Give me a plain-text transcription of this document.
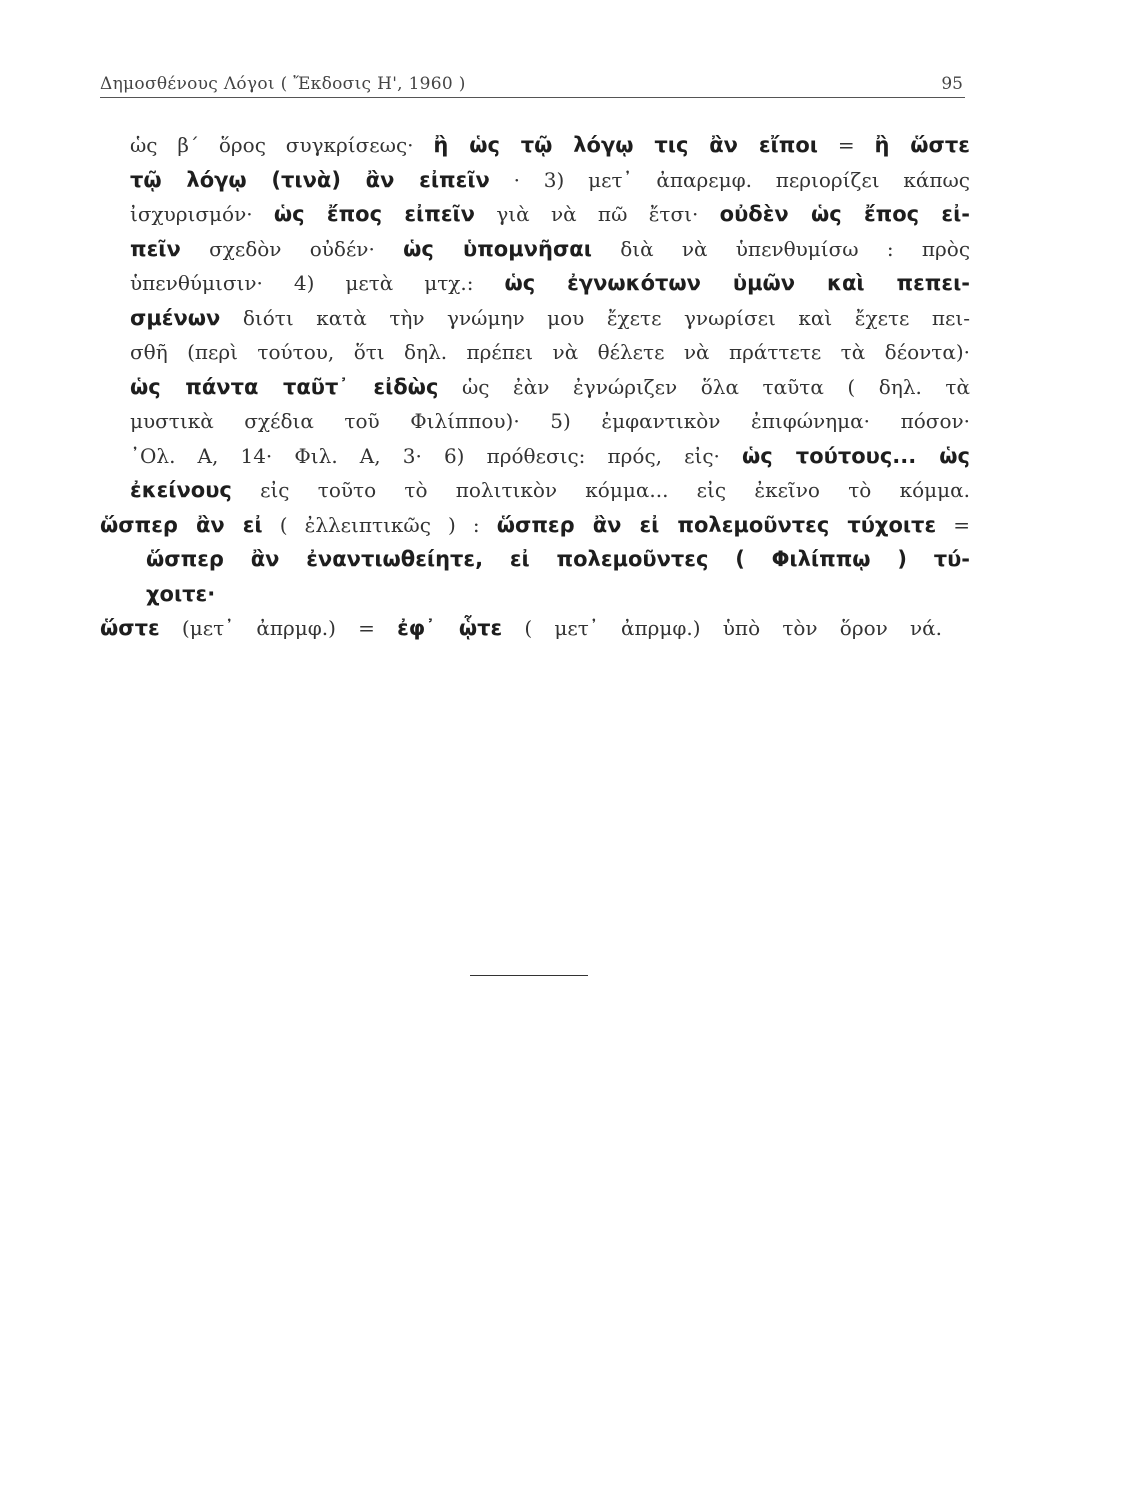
Δημοσθένους Λόγοι ( Ἔκδοσις Η', 1960 )	95
ὡς β΄ ὅρος συγκρίσεως· ἢ ὡς τῷ λόγῳ τις ἂν εἴποι = ἢ ὥστε
τῷ λόγῳ (τινὰ) ἂν εἰπεῖν · 3) μετ᾿ ἀπαρεμφ. περιορίζει κάπως
ἰσχυρισμόν· ὡς ἔπος εἰπεῖν γιὰ νὰ πῶ ἔτσι· οὐδὲν ὡς ἔπος εἰ-
πεῖν σχεδὸν οὐδέν· ὡς ὑπομνῆσαι διὰ νὰ ὑπενθυμίσω : πρὸς
ὑπενθύμισιν· 4) μετὰ μτχ.: ὡς ἐγνωκότων ὑμῶν καὶ πεπει-
σμένων διότι κατὰ τὴν γνώμην μου ἔχετε γνωρίσει καὶ ἔχετε πει-
σθῆ (περὶ τούτου, ὅτι δηλ. πρέπει νὰ θέλετε νὰ πράττετε τὰ δέοντα)·
ὡς πάντα ταῦτ᾿ εἰδὼς ὡς ἐὰν ἐγνώριζεν ὅλα ταῦτα ( δηλ. τὰ
μυστικὰ σχέδια τοῦ Φιλίππου)· 5) ἐμφαντικὸν ἐπιφώνημα· πόσον·
᾿Ολ. Α, 14· Φιλ. Α, 3· 6) πρόθεσις: πρός, εἰς· ὡς τούτους... ὡς
ἐκείνους εἰς τοῦτο τὸ πολιτικὸν κόμμα... εἰς ἐκεῖνο τὸ κόμμα.
ὥσπερ ἂν εἰ ( ἐλλειπτικῶς ) : ὥσπερ ἂν εἰ πολεμοῦντες τύχοιτε =
ὥσπερ ἂν ἐναντιωθείητε, εἰ πολεμοῦντες ( Φιλίππῳ ) τύ-
χοιτε·
ὥστε (μετ᾿ ἀπρμφ.) = ἐφ᾿ ᾧτε ( μετ᾿ ἀπρμφ.) ὑπὸ τὸν ὅρον νά.
